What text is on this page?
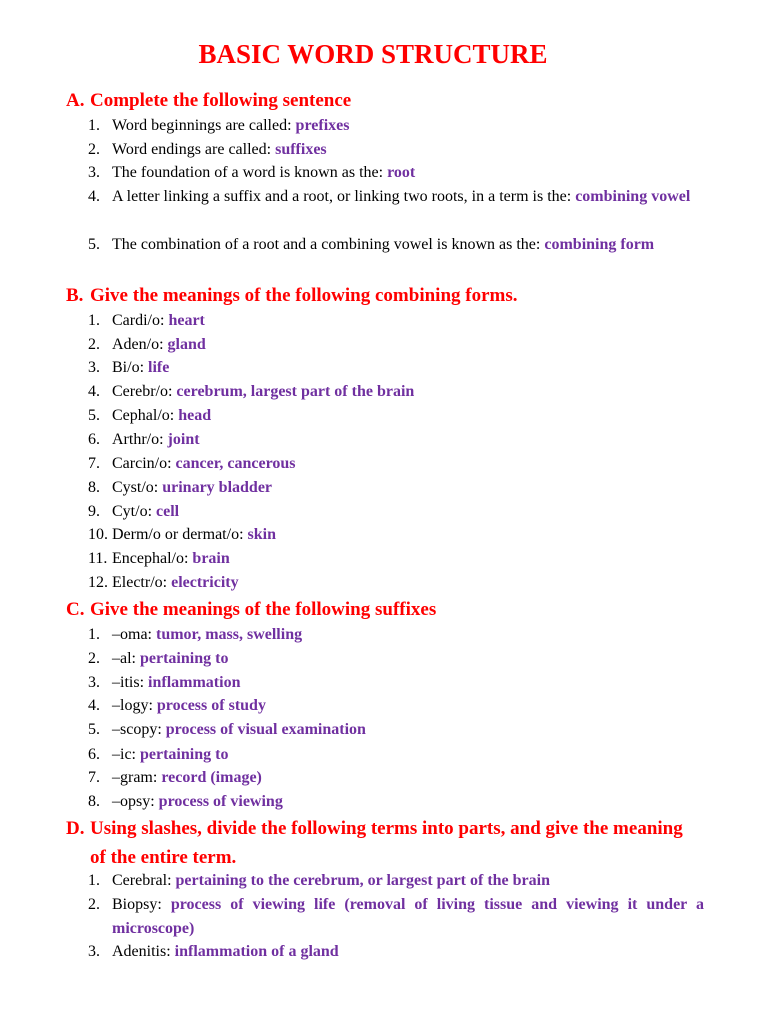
BASIC WORD STRUCTURE
A. Complete the following sentence
1. Word beginnings are called: prefixes
2. Word endings are called: suffixes
3. The foundation of a word is known as the: root
4. A letter linking a suffix and a root, or linking two roots, in a term is the: combining vowel
5. The combination of a root and a combining vowel is known as the: combining form
B. Give the meanings of the following combining forms.
1. Cardi/o: heart
2. Aden/o: gland
3. Bi/o: life
4. Cerebr/o: cerebrum, largest part of the brain
5. Cephal/o: head
6. Arthr/o: joint
7. Carcin/o: cancer, cancerous
8. Cyst/o: urinary bladder
9. Cyt/o: cell
10. Derm/o or dermat/o: skin
11. Encephal/o: brain
12. Electr/o: electricity
C. Give the meanings of the following suffixes
1. –oma: tumor, mass, swelling
2. –al: pertaining to
3. –itis: inflammation
4. –logy: process of study
5. –scopy: process of visual examination
6. –ic: pertaining to
7. –gram: record (image)
8. –opsy: process of viewing
D. Using slashes, divide the following terms into parts, and give the meaning of the entire term.
1. Cerebral: pertaining to the cerebrum, or largest part of the brain
2. Biopsy: process of viewing life (removal of living tissue and viewing it under a microscope)
3. Adenitis: inflammation of a gland
